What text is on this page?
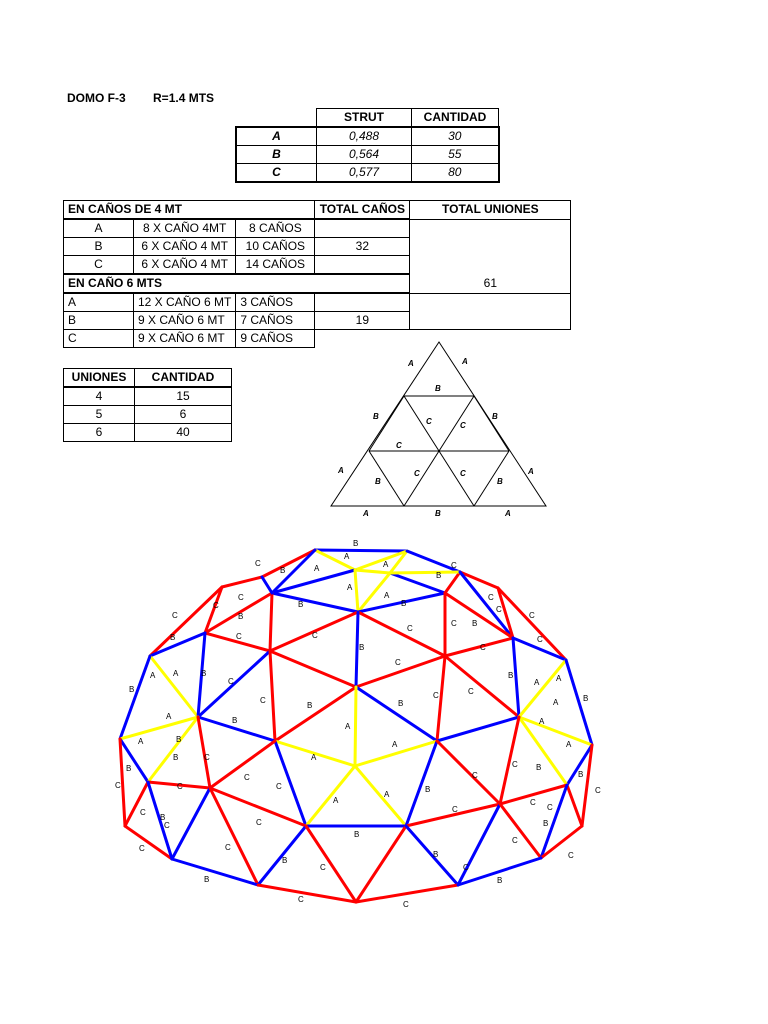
DOMO F-3 R=1.4 MTS
	STRUT	CANTIDAD
A	0,488	30
B	0,564	55
C	0,577	80
EN CAÑOS DE 4 MT			TOTAL CAÑOS	TOTAL UNIONES
A	8 X CAÑO 4MT	8 CAÑOS		
B	6 X CAÑO 4 MT	10 CAÑOS	32	
C	6 X CAÑO 4 MT	14 CAÑOS		
EN CAÑO 6 MTS				61
A	12 X CAÑO 6 MT	3 CAÑOS		
B	9 X CAÑO 6 MT	7 CAÑOS	19	
C	9 X CAÑO 6 MT	9 CAÑOS		
UNIONES	CANTIDAD
4	15
5	6
6	40
A	A
B
B
C	C
B
C
A
B
C	C
B
A
A	B	A
B
A
A	A
B
C
B
C
A
A
B	B
C
C
B
C
C
B
C
C
B	C	C
C
C
C
C
B
B
C
C
C
B
A A
B
C
B	B
C
A A
B
A	B
A
A
A
A	B
A	A
A
B
B
C
C	C
C B
B
C	C	C
A
A
B
C
C
C
B
C
B
C
B
C
C
C	C
B
C
B
C
C
C
B
C
C
B
